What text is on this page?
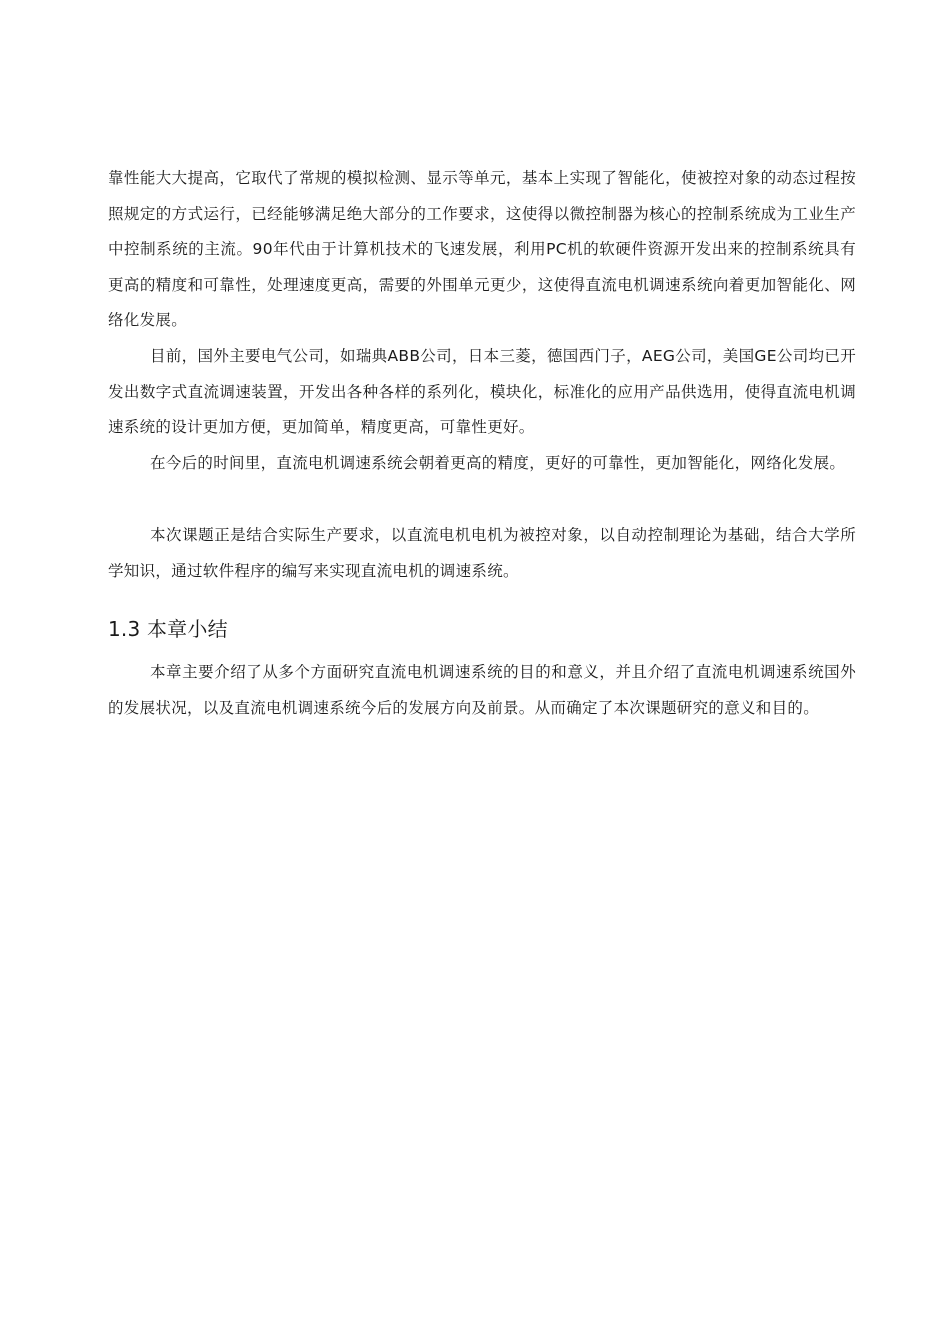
靠性能大大提高，它取代了常规的模拟检测、显示等单元，基本上实现了智能化，使被控对象的动态过程按照规定的方式运行，已经能够满足绝大部分的工作要求，这使得以微控制器为核心的控制系统成为工业生产中控制系统的主流。90年代由于计算机技术的飞速发展，利用PC机的软硬件资源开发出来的控制系统具有更高的精度和可靠性，处理速度更高，需要的外围单元更少，这使得直流电机调速系统向着更加智能化、网络化发展。

目前，国外主要电气公司，如瑞典ABB公司，日本三菱，德国西门子，AEG公司，美国GE公司均已开发出数字式直流调速装置，开发出各种各样的系列化，模块化，标准化的应用产品供选用，使得直流电机调速系统的设计更加方便，更加简单，精度更高，可靠性更好。

在今后的时间里，直流电机调速系统会朝着更高的精度，更好的可靠性，更加智能化，网络化发展。

本次课题正是结合实际生产要求，以直流电机电机为被控对象，以自动控制理论为基础，结合大学所学知识，通过软件程序的编写来实现直流电机的调速系统。

1.3 本章小结

本章主要介绍了从多个方面研究直流电机调速系统的目的和意义，并且介绍了直流电机调速系统国外的发展状况，以及直流电机调速系统今后的发展方向及前景。从而确定了本次课题研究的意义和目的。
